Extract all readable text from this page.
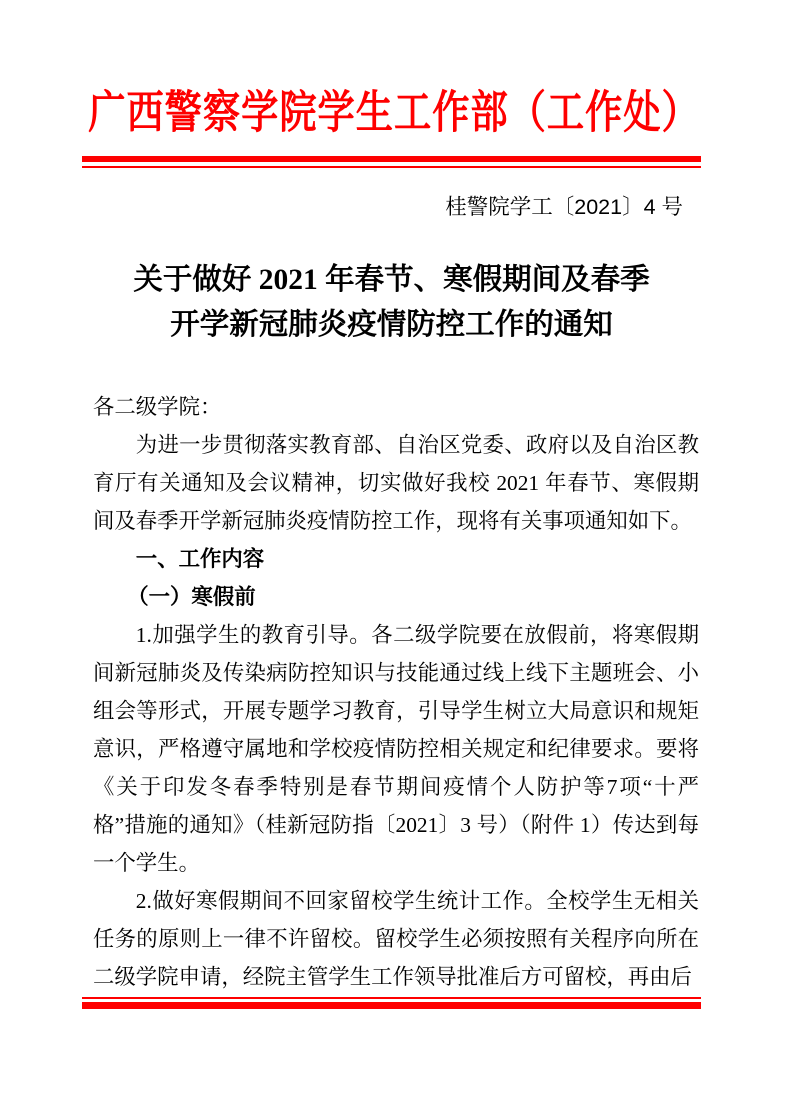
广西警察学院学生工作部（工作处）
桂警院学工〔2021〕4 号
关于做好 2021 年春节、寒假期间及春季
开学新冠肺炎疫情防控工作的通知

各二级学院：

为进一步贯彻落实教育部、自治区党委、政府以及自治区教育厅有关通知及会议精神，切实做好我校 2021 年春节、寒假期间及春季开学新冠肺炎疫情防控工作，现将有关事项通知如下。

一、工作内容

（一）寒假前

1.加强学生的教育引导。各二级学院要在放假前，将寒假期间新冠肺炎及传染病防控知识与技能通过线上线下主题班会、小组会等形式，开展专题学习教育，引导学生树立大局意识和规矩意识，严格遵守属地和学校疫情防控相关规定和纪律要求。要将《关于印发冬春季特别是春节期间疫情个人防护等7项“十严格”措施的通知》（桂新冠防指〔2021〕3 号）（附件 1）传达到每一个学生。

2.做好寒假期间不回家留校学生统计工作。全校学生无相关任务的原则上一律不许留校。留校学生必须按照有关程序向所在二级学院申请，经院主管学生工作领导批准后方可留校，再由后
